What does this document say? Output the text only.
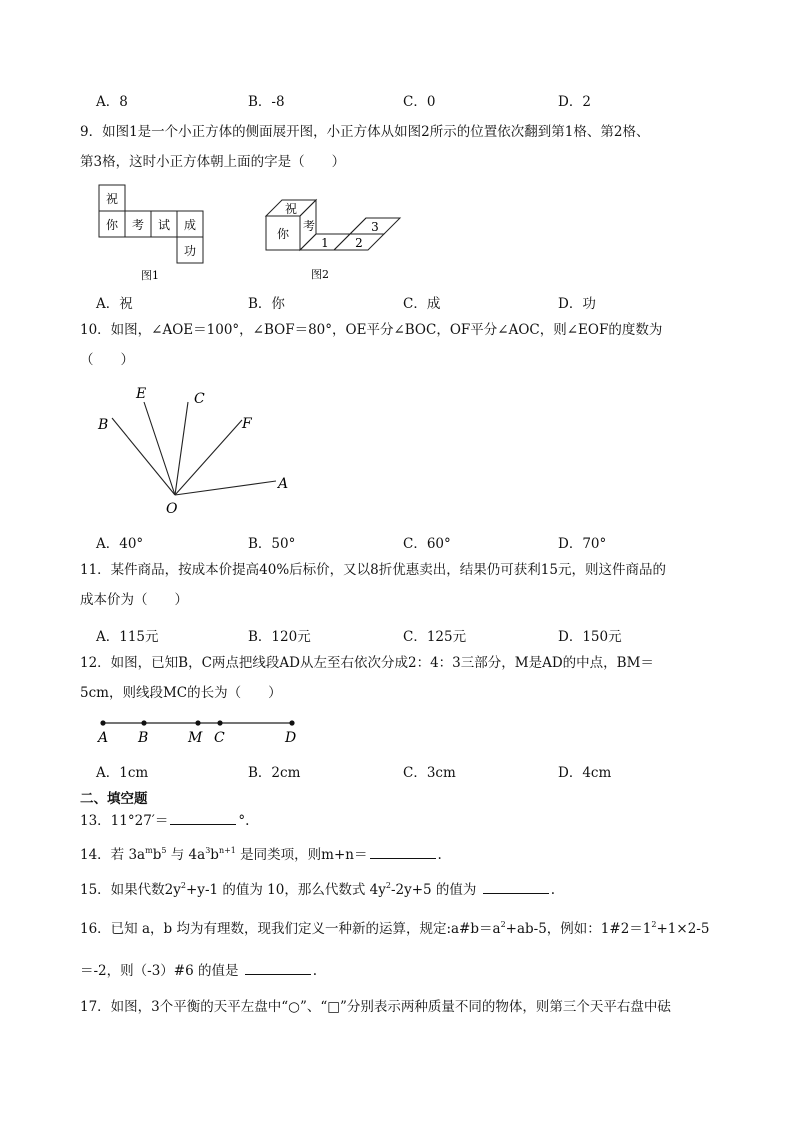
A．8	B．-8	C．0	D．2
9．如图1是一个小正方体的侧面展开图，小正方体从如图2所示的位置依次翻到第1格、第2格、
第3格，这时小正方体朝上面的字是（　　）
祝
你 考 试 成
功
图1
祝
你
考
1 2
3
图2
A．祝	B．你	C．成	D．功
10．如图，∠AOE＝100°，∠BOF＝80°，OE平分∠BOC，OF平分∠AOC，则∠EOF的度数为
（　　）
E	C
B	F
A
O
A．40°	B．50°	C．60°	D．70°
11．某件商品，按成本价提高40%后标价，又以8折优惠卖出，结果仍可获利15元，则这件商品的
成本价为（　　）
A．115元	B．120元	C．125元	D．150元
12．如图，已知B，C两点把线段AD从左至右依次分成2：4：3三部分，M是AD的中点，BM＝
5cm，则线段MC的长为（　　）
A B	M C	D
A．1cm	B．2cm	C．3cm	D．4cm
二、填空题
13．11°27′＝	°.
14．若 $3a^mb^5$ 与 $4a^3b^{n+1}$ 是同类项，则m+n＝	.
15．如果代数$2y^2+y-1$ 的值为 10，那么代数式 $4y^2-2y+5$ 的值为	.
16．已知 a，b 均为有理数，现我们定义一种新的运算，规定$:a\#b=a^2+ab-5$，例如：$1\#2=1^2+1\times 2-5$
＝-2，则（-3）#6 的值是	.
17．如图，3个平衡的天平左盘中“○”、“□”分别表示两种质量不同的物体，则第三个天平右盘中砝
